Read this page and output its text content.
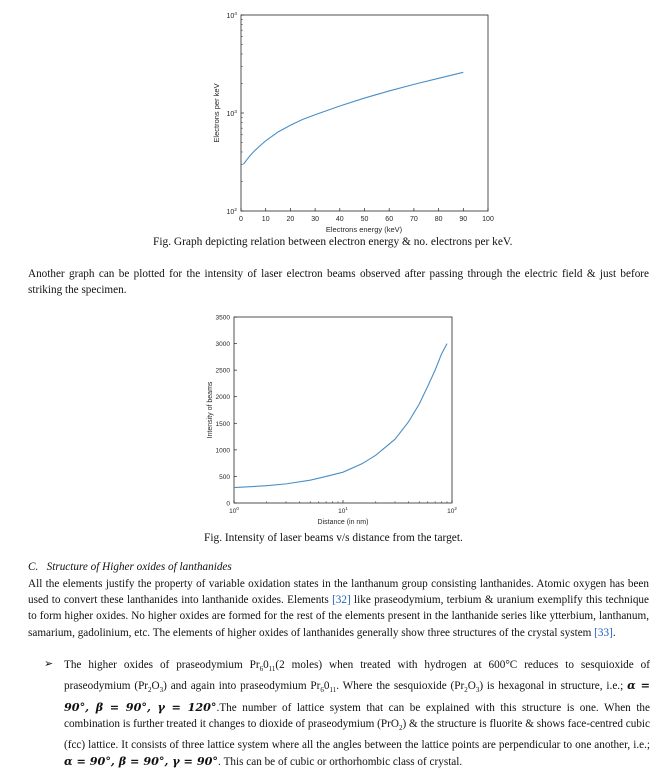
0	10 20 30 40 50 60 70 80 90 100
$10^2$
$10^3$
$10^4$
Electrons energy (keV)
Electrons per keV
Fig. Graph depicting relation between electron energy & no. electrons per keV.
Another graph can be plotted for the intensity of laser electron beams observed after passing through the electric field & just before striking the specimen.
$10^0$	$10^1$	$10^2$
0
500
1000
1500
2000
2500
3000
3500
Distance (in nm)
Intensity of beams
Fig. Intensity of laser beams v/s distance from the target.
C. Structure of Higher oxides of lanthanides
All the elements justify the property of variable oxidation states in the lanthanum group consisting lanthanides. Atomic oxygen has been used to convert these lanthanides into lanthanide oxides. Elements [32] like praseodymium, terbium & uranium exemplify this technique to form higher oxides. No higher oxides are formed for the rest of the elements present in the lanthanide series like ytterbium, lanthanum, samarium, gadolinium, etc. The elements of higher oxides of lanthanides generally show three structures of the crystal system [33].
➢ The higher oxides of praseodymium $Pr_60_{11}(2$ moles) when treated with hydrogen at 600°C reduces to sesquioxide of praseodymium $(Pr_2O_3)$ and again into praseodymium $Pr_60_{11}$. Where the sesquioxide $(Pr_2O_3)$ is hexagonal in structure, i.e.; α = 90°, β = 90°, γ = 120°.The number of lattice system that can be explained with this structure is one. When the combination is further treated it changes to dioxide of praseodymium (PrO$_2$) & the structure is fluorite & shows face-centred cubic (fcc) lattice. It consists of three lattice system where all the angles between the lattice points are perpendicular to one another, i.e.; α = 90°, β = 90°, γ = 90°. This can be of cubic or orthorhombic class of crystal.
